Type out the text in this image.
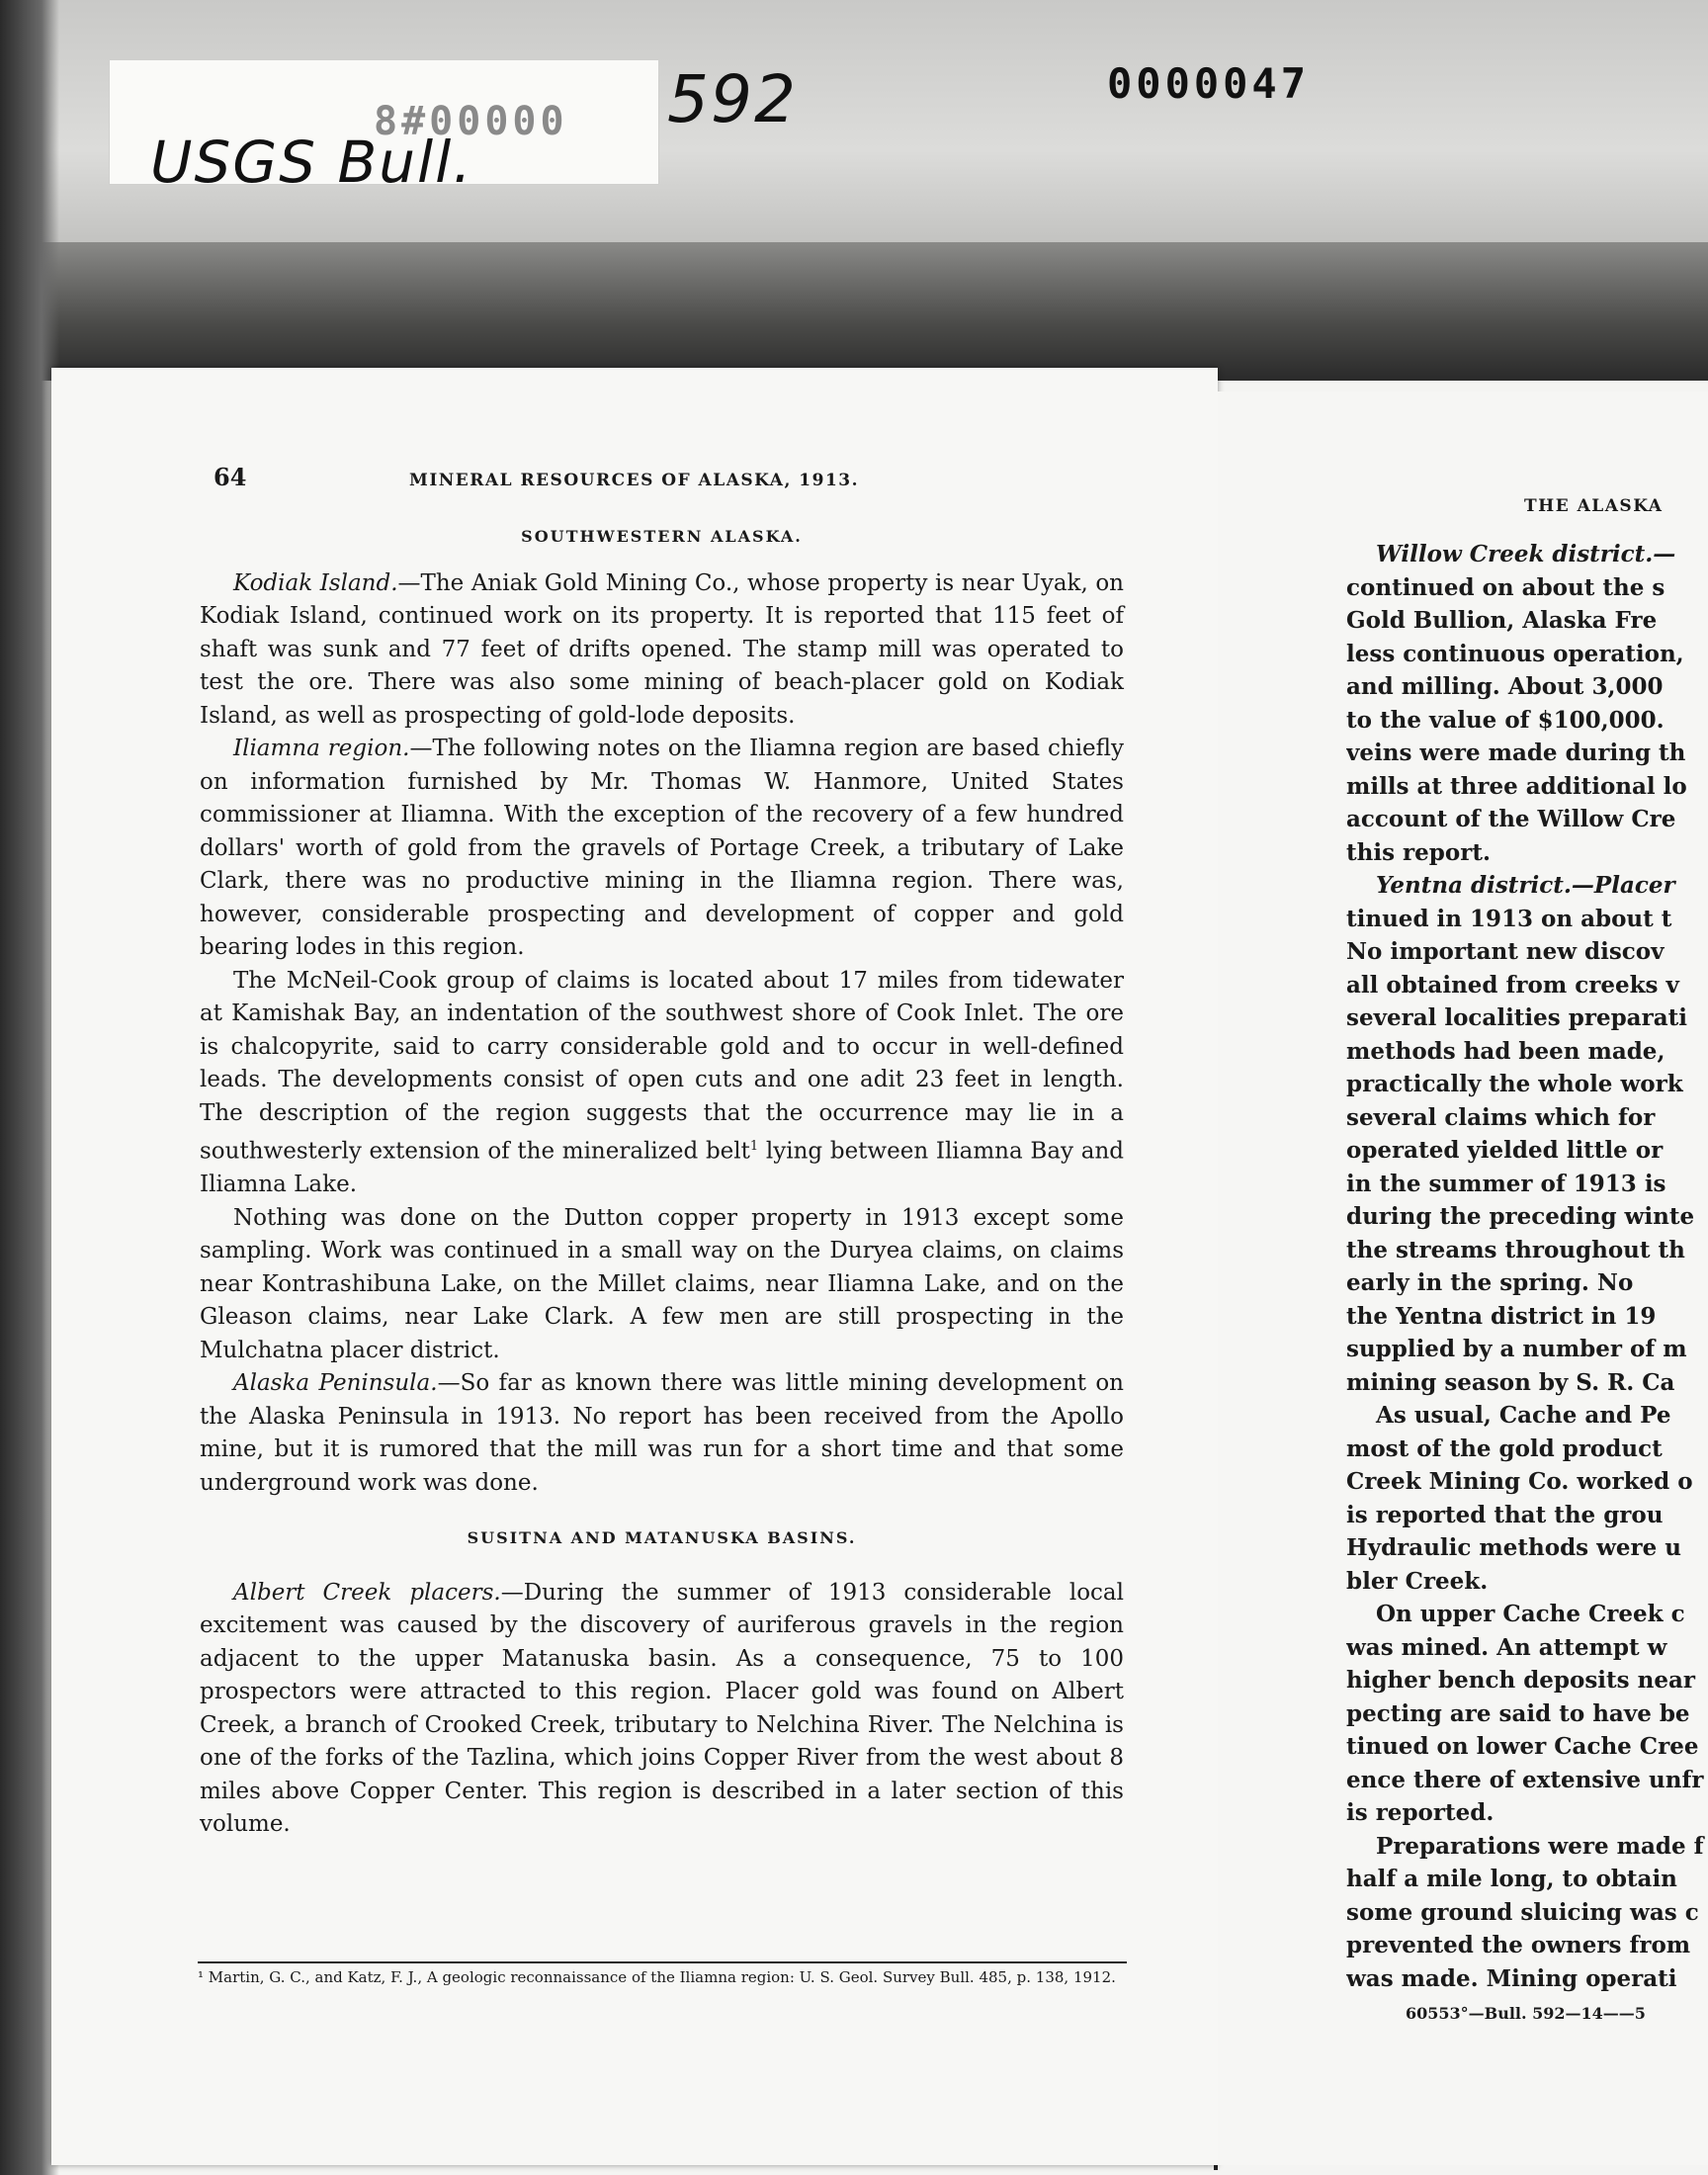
8#00000
USGS Bull.
592	0000047
64	MINERAL RESOURCES OF ALASKA, 1913.
SOUTHWESTERN ALASKA.

Kodiak Island.—The Aniak Gold Mining Co., whose property is near Uyak, on Kodiak Island, continued work on its property. It is reported that 115 feet of shaft was sunk and 77 feet of drifts opened. The stamp mill was operated to test the ore. There was also some mining of beach-placer gold on Kodiak Island, as well as prospecting of gold-lode deposits.

Iliamna region.—The following notes on the Iliamna region are based chiefly on information furnished by Mr. Thomas W. Hanmore, United States commissioner at Iliamna. With the exception of the recovery of a few hundred dollars' worth of gold from the gravels of Portage Creek, a tributary of Lake Clark, there was no productive mining in the Iliamna region. There was, however, considerable prospecting and development of copper and gold bearing lodes in this region.

The McNeil-Cook group of claims is located about 17 miles from tidewater at Kamishak Bay, an indentation of the southwest shore of Cook Inlet. The ore is chalcopyrite, said to carry considerable gold and to occur in well-defined leads. The developments consist of open cuts and one adit 23 feet in length. The description of the region suggests that the occurrence may lie in a southwesterly extension of the mineralized belt$^1$ lying between Iliamna Bay and Iliamna Lake.

Nothing was done on the Dutton copper property in 1913 except some sampling. Work was continued in a small way on the Duryea claims, on claims near Kontrashibuna Lake, on the Millet claims, near Iliamna Lake, and on the Gleason claims, near Lake Clark. A few men are still prospecting in the Mulchatna placer district.

Alaska Peninsula.—So far as known there was little mining development on the Alaska Peninsula in 1913. No report has been received from the Apollo mine, but it is rumored that the mill was run for a short time and that some underground work was done.

SUSITNA AND MATANUSKA BASINS.

Albert Creek placers.—During the summer of 1913 considerable local excitement was caused by the discovery of auriferous gravels in the region adjacent to the upper Matanuska basin. As a consequence, 75 to 100 prospectors were attracted to this region. Placer gold was found on Albert Creek, a branch of Crooked Creek, tributary to Nelchina River. The Nelchina is one of the forks of the Tazlina, which joins Copper River from the west about 8 miles above Copper Center. This region is described in a later section of this volume.

¹ Martin, G. C., and Katz, F. J., A geologic reconnaissance of the Iliamna region: U. S. Geol. Survey Bull. 485, p. 138, 1912.
THE ALASKA
Willow Creek district.—
continued on about the s
Gold Bullion, Alaska Fre
less continuous operation,
and milling. About 3,000
to the value of $100,000.
veins were made during th
mills at three additional lo
account of the Willow Cre
this report.
Yentna district.—Placer
tinued in 1913 on about t
No important new discov
all obtained from creeks v
several localities preparati
methods had been made,
practically the whole work
several claims which for
operated yielded little or
in the summer of 1913 is
during the preceding winte
the streams throughout th
early in the spring. No
the Yentna district in 19
supplied by a number of m
mining season by S. R. Ca
As usual, Cache and Pe
most of the gold product
Creek Mining Co. worked o
is reported that the grou
Hydraulic methods were u
bler Creek.
On upper Cache Creek c
was mined. An attempt w
higher bench deposits near
pecting are said to have be
tinued on lower Cache Cree
ence there of extensive unfr
is reported.
Preparations were made f
half a mile long, to obtain
some ground sluicing was c
prevented the owners from
was made. Mining operati
60553°—Bull. 592—14——5
